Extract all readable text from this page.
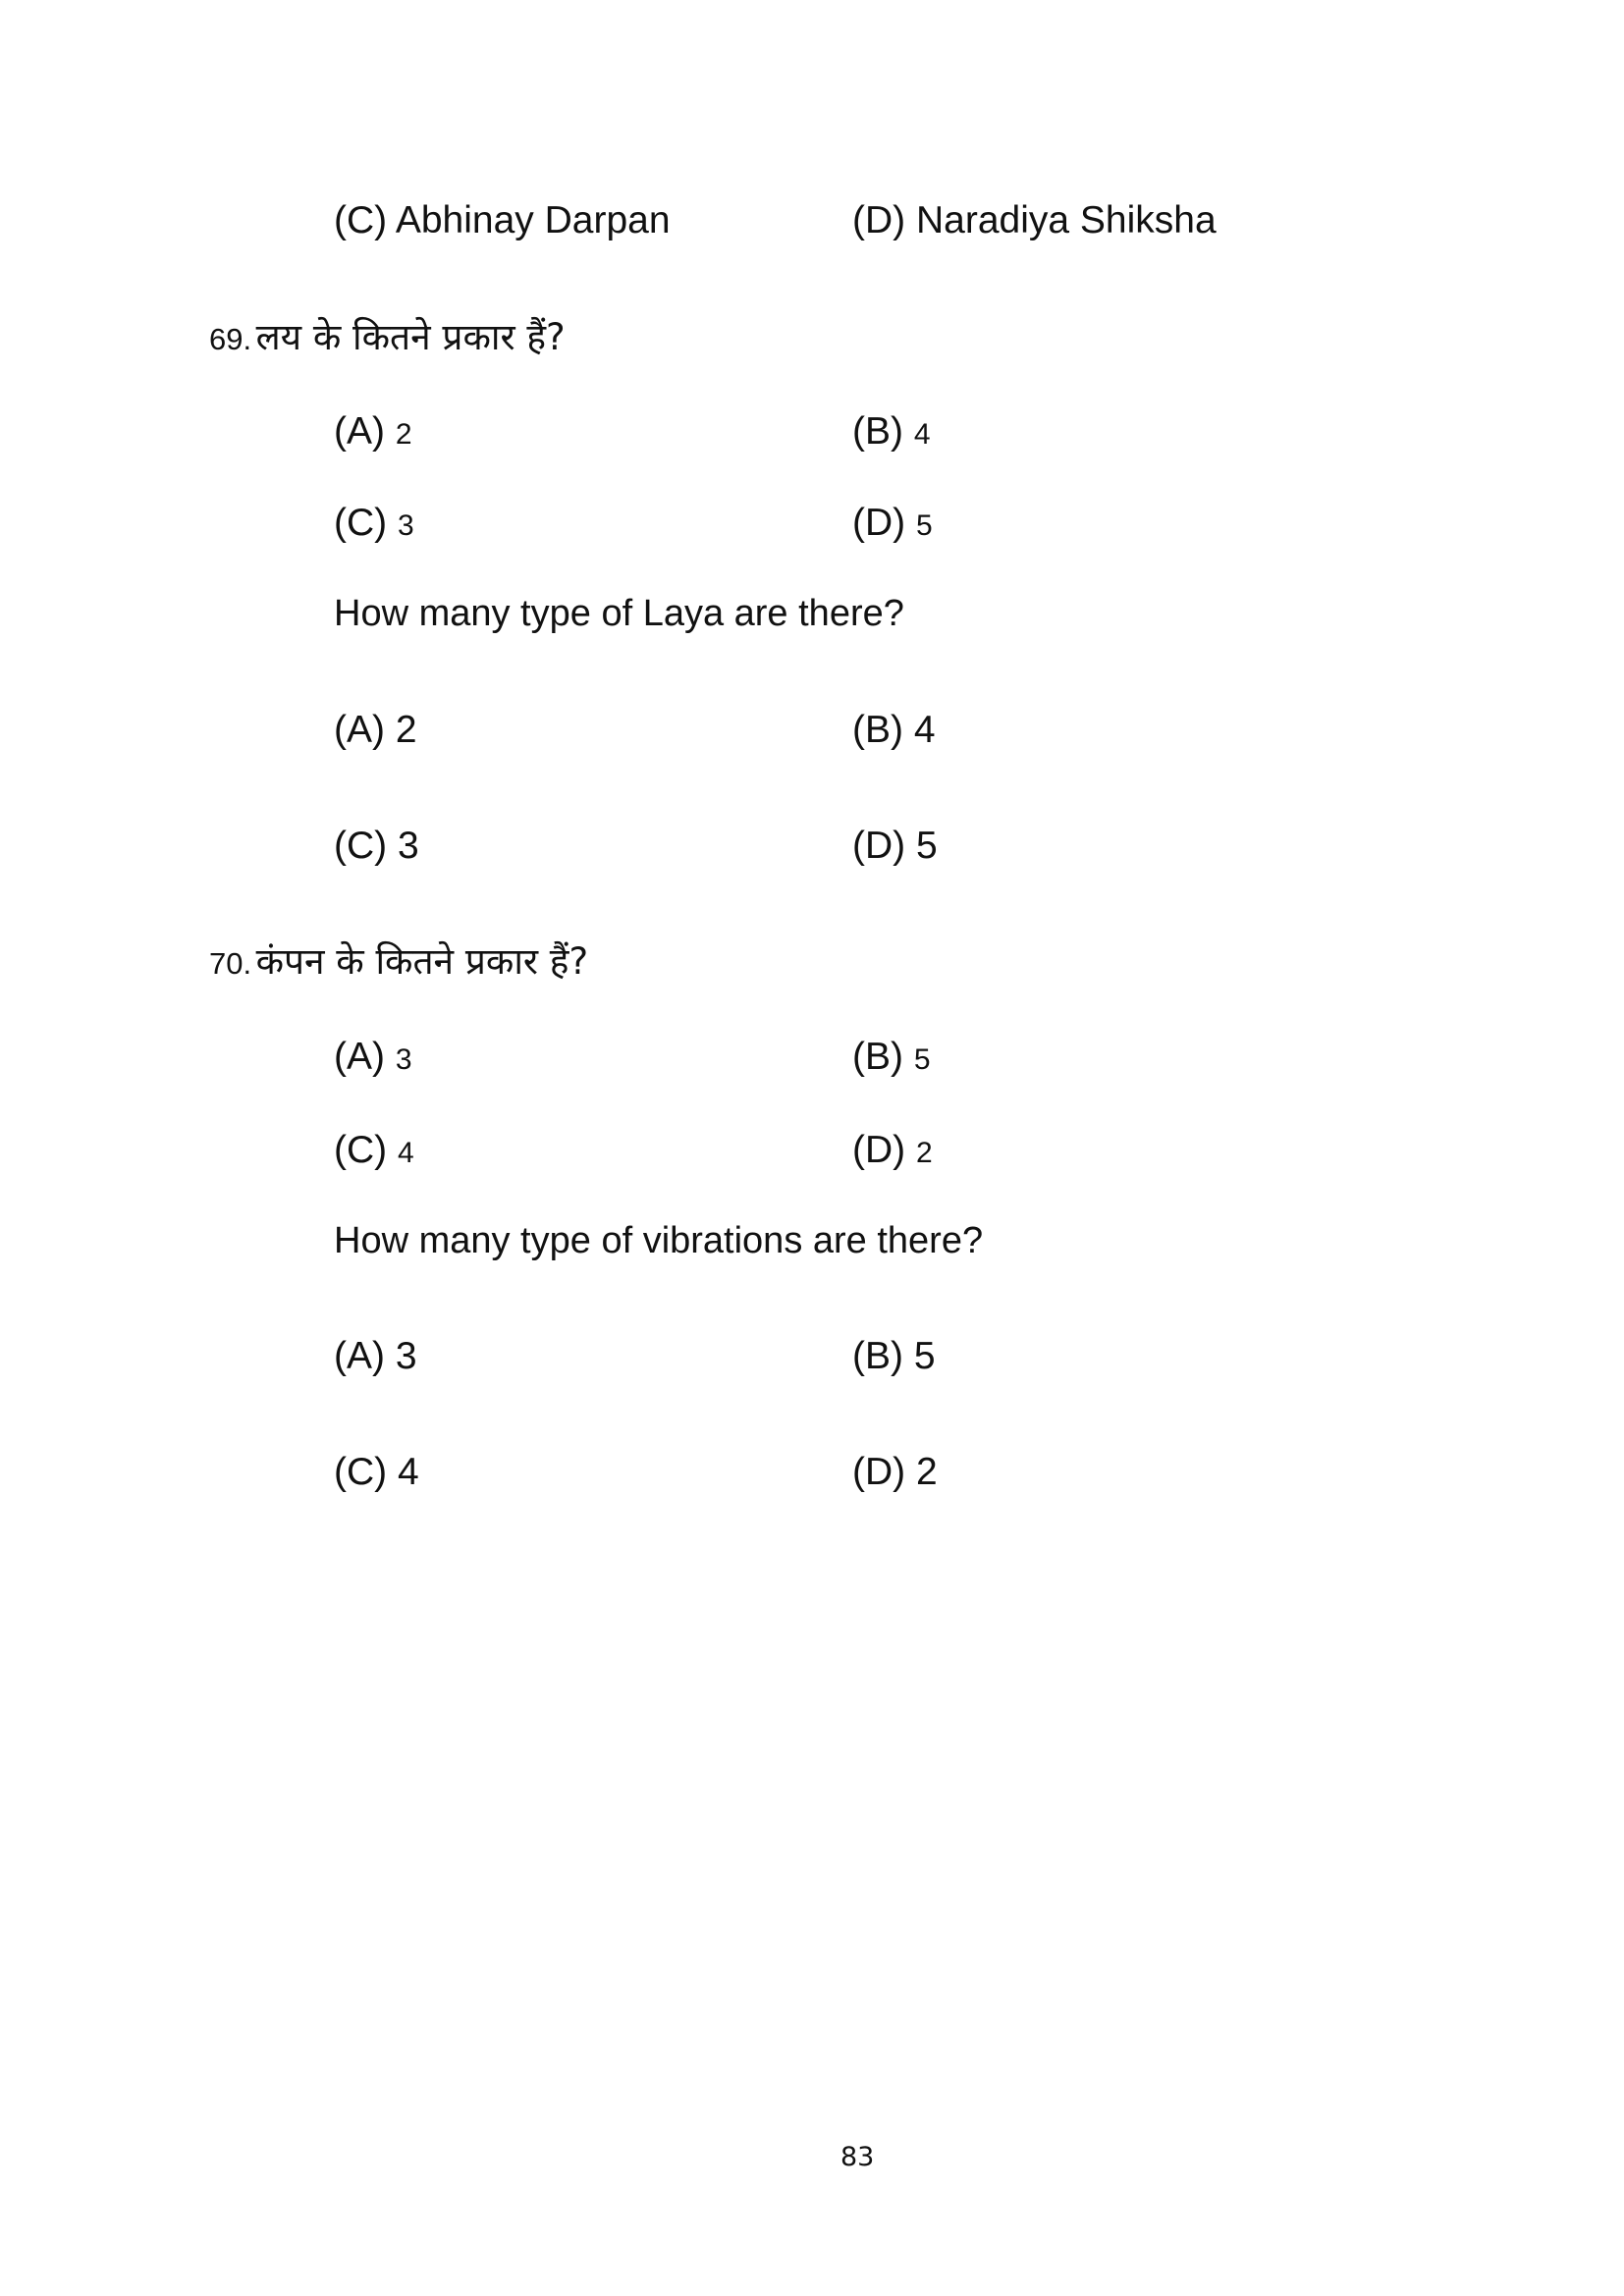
(C) Abhinay Darpan	(D) Naradiya Shiksha
69. लय के कितने प्रकार हैं?
(A) 2	(B) 4
(C) 3	(D) 5
How many type of Laya are there?
(A) 2	(B) 4
(C) 3	(D) 5
70. कंपन के कितने प्रकार हैं?
(A) 3	(B) 5
(C) 4	(D) 2
How many type of vibrations are there?
(A) 3	(B) 5
(C) 4	(D) 2
83
